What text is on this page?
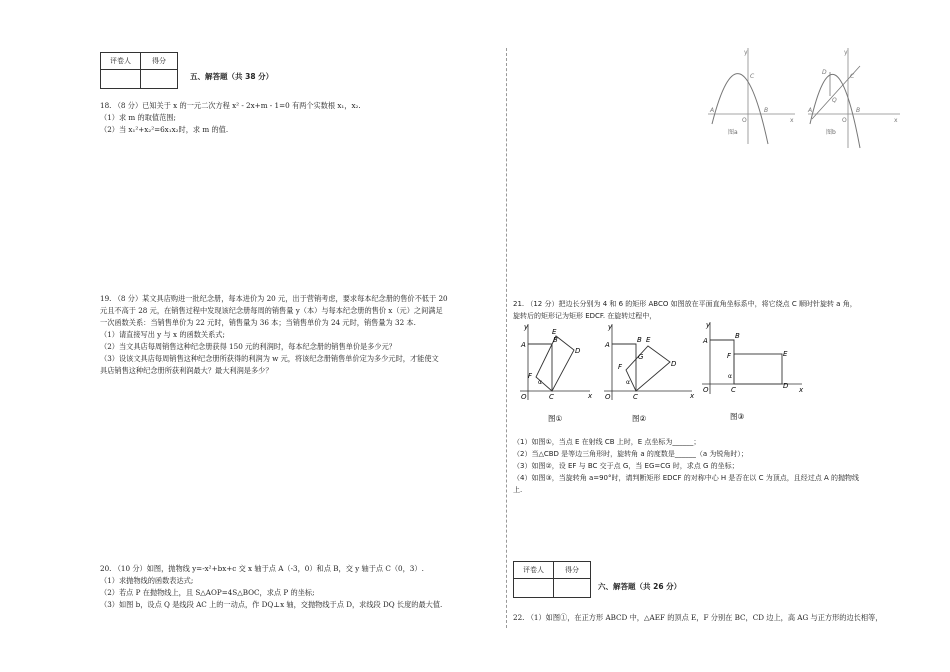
评卷人	得分

五、解答题（共 38 分）
18. （8 分）已知关于 x 的一元二次方程 x² - 2x+m - 1=0 有两个实数根 x₁，x₂.
（1）求 m 的取值范围;
（2）当 x₁²+x₂²=6x₁x₂时，求 m 的值.
19. （8 分）某文具店购进一批纪念册，每本进价为 20 元，出于营销考虑，要求每本纪念册的售价不低于 20
元且不高于 28 元，在销售过程中发现该纪念册每周的销售量 y（本）与每本纪念册的售价 x（元）之间满足
一次函数关系：当销售单价为 22 元时，销售量为 36 本；当销售单价为 24 元时，销售量为 32 本.
（1）请直接写出 y 与 x 的函数关系式;
（2）当文具店每周销售这种纪念册获得 150 元的利润时，每本纪念册的销售单价是多少元？
（3）设该文具店每周销售这种纪念册所获得的利润为 w 元，将该纪念册销售单价定为多少元时，才能使文
具店销售这种纪念册所获利润最大？最大利润是多少？
20. （10 分）如图，抛物线 y=-x²+bx+c 交 x 轴于点 A（-3，0）和点 B，交 y 轴于点 C（0，3）.
（1）求抛物线的函数表达式;
（2）若点 P 在抛物线上，且 S△AOP=4S△BOC，求点 P 的坐标;
（3）如图 b，设点 Q 是线段 AC 上的一动点，作 DQ⊥x 轴，交抛物线于点 D，求线段 DQ 长度的最大值.
y
x
A	B
C
O
图a
y
x
A	B
C
D
Q
O
图b
21. （12 分）把边长分别为 4 和 6 的矩形 ABCO 如图放在平面直角坐标系中，将它绕点 C 顺时针旋转 a 角，
旋转后的矩形记为矩形 EDCF. 在旋转过程中，
y
x
A
B
E
D
F
α
O	C
图①
y
x
A
B E
D
F
G
α
O	C
图②
y
x
A
B
E
D
F
α
O	C
图③
（1）如图①，当点 E 在射线 CB 上时，E 点坐标为______；
（2）当△CBD 是等边三角形时，旋转角 a 的度数是______（a 为锐角时）；
（3）如图②，设 EF 与 BC 交于点 G，当 EG=CG 时，求点 G 的坐标；
（4）如图③，当旋转角 a=90°时，请判断矩形 EDCF 的对称中心 H 是否在以 C 为顶点，且经过点 A 的抛物线
上.
评卷人	得分

六、解答题（共 26 分）
22. （1）如图①，在正方形 ABCD 中，△AEF 的顶点 E，F 分别在 BC，CD 边上，高 AG 与正方形的边长相等，
